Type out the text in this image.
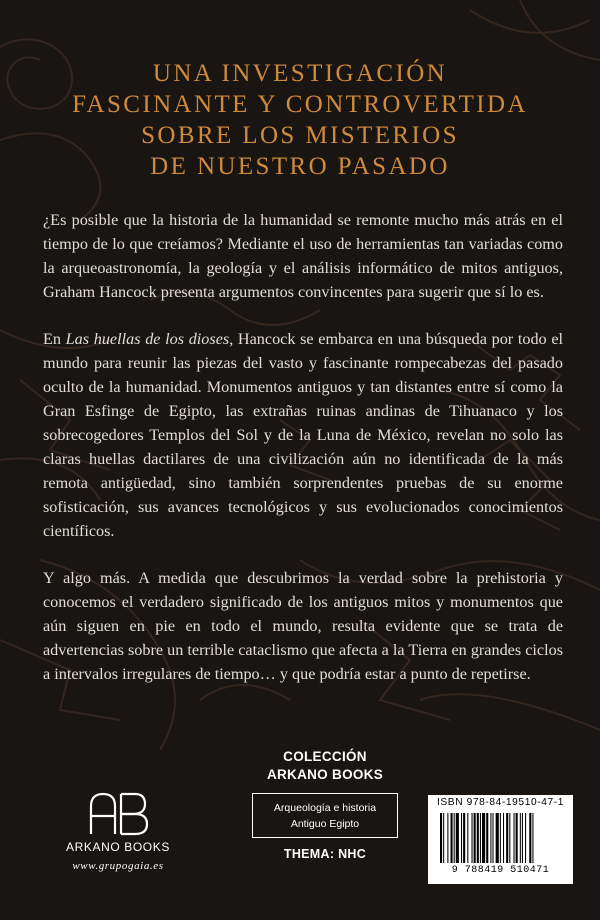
UNA INVESTIGACIÓN
FASCINANTE Y CONTROVERTIDA
SOBRE LOS MISTERIOS
DE NUESTRO PASADO

¿Es posible que la historia de la humanidad se remonte mucho más atrás en el tiempo de lo que creíamos? Mediante el uso de herramientas tan variadas como la arqueoastronomía, la geología y el análisis informático de mitos antiguos, Graham Hancock presenta argumentos convincentes para sugerir que sí lo es.

En Las huellas de los dioses, Hancock se embarca en una búsqueda por todo el mundo para reunir las piezas del vasto y fascinante rompecabezas del pasado oculto de la humanidad. Monumentos antiguos y tan distantes entre sí como la Gran Esfinge de Egipto, las extrañas ruinas andinas de Tihuanaco y los sobrecogedores Templos del Sol y de la Luna de México, revelan no solo las claras huellas dactilares de una civilización aún no identificada de la más remota antigüedad, sino también sorprendentes pruebas de su enorme sofisticación, sus avances tecnológicos y sus evolucionados conocimientos científicos.

Y algo más. A medida que descubrimos la verdad sobre la prehistoria y conocemos el verdadero significado de los antiguos mitos y monumentos que aún siguen en pie en todo el mundo, resulta evidente que se trata de advertencias sobre un terrible cataclismo que afecta a la Tierra en grandes ciclos a intervalos irregulares de tiempo… y que podría estar a punto de repetirse.

ARKANO BOOKS
www.grupogaia.es
COLECCIÓN
ARKANO BOOKS
Arqueología e historia
Antiguo Egipto
THEMA: NHC
ISBN 978-84-19510-47-1
9 788419 510471
